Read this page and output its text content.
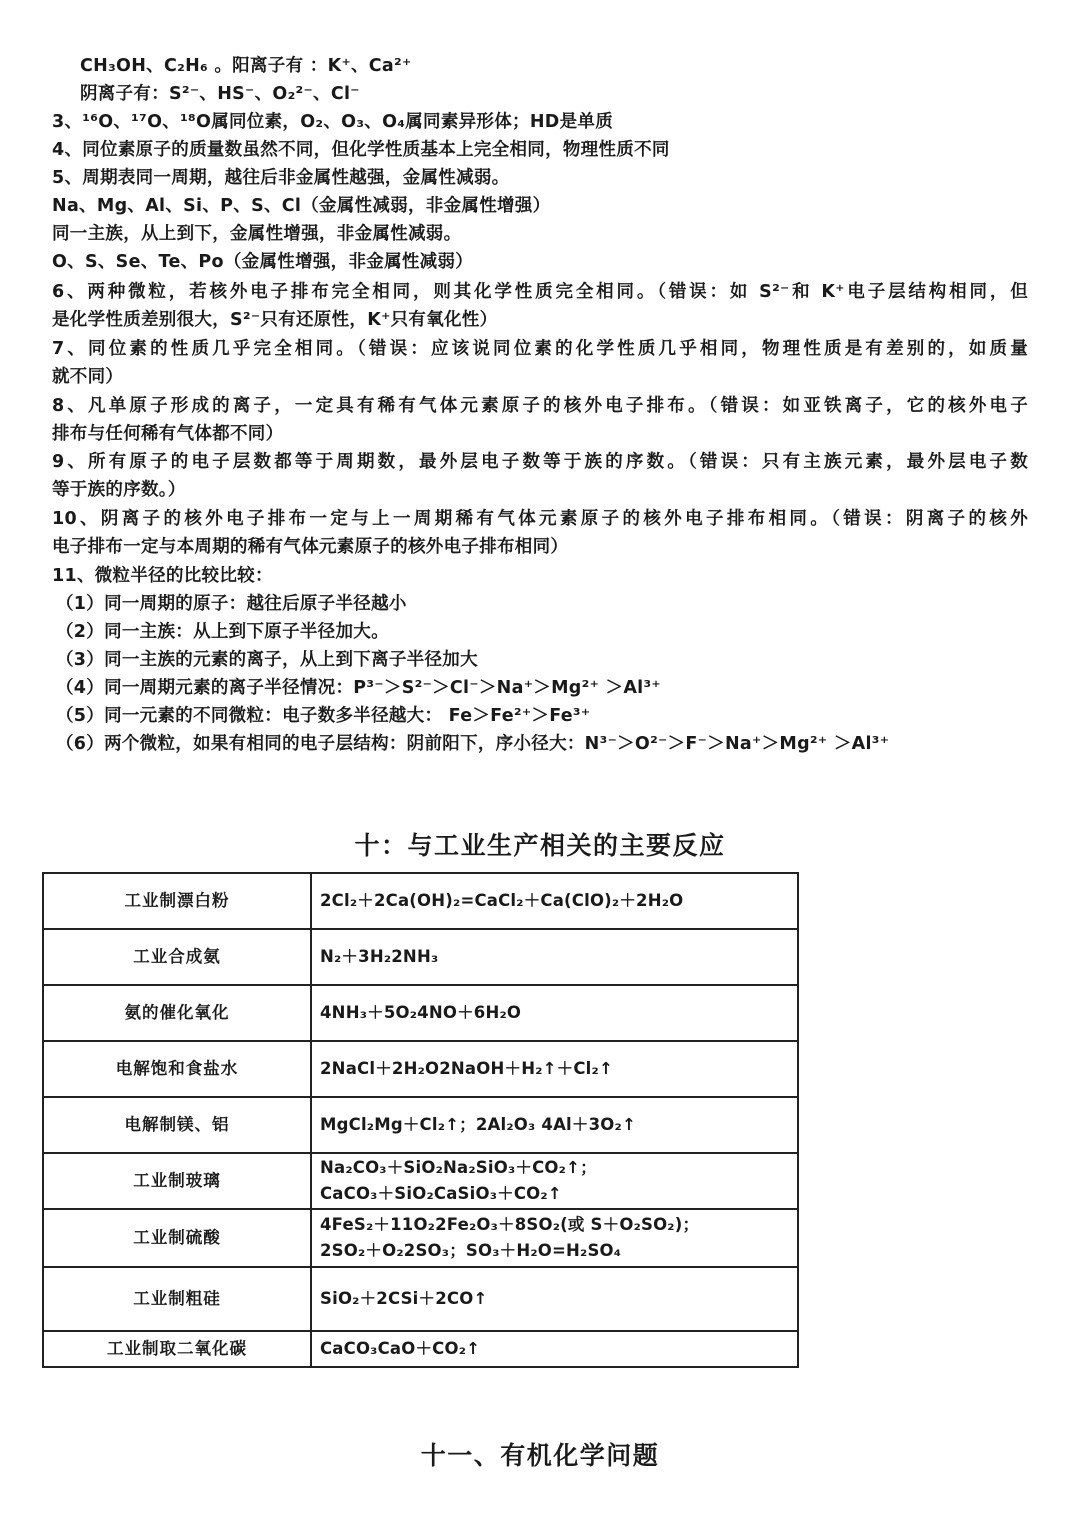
CH₃OH、C₂H₆ 。阳离子有 ：K⁺、Ca²⁺
阴离子有：S²⁻、HS⁻、O₂²⁻、Cl⁻
3、¹⁶O、¹⁷O、¹⁸O属同位素，O₂、O₃、O₄属同素异形体；HD是单质
4、同位素原子的质量数虽然不同，但化学性质基本上完全相同，物理性质不同
5、周期表同一周期，越往后非金属性越强，金属性减弱。
Na、Mg、Al、Si、P、S、Cl（金属性减弱，非金属性增强）
同一主族，从上到下，金属性增强，非金属性减弱。
O、S、Se、Te、Po（金属性增强，非金属性减弱）
6、两种微粒，若核外电子排布完全相同，则其化学性质完全相同。（错误：如 S²⁻和 K⁺电子层结构相同，但
是化学性质差别很大，S²⁻只有还原性，K⁺只有氧化性）
7、同位素的性质几乎完全相同。（错误：应该说同位素的化学性质几乎相同，物理性质是有差别的，如质量
就不同）
8、凡单原子形成的离子，一定具有稀有气体元素原子的核外电子排布。（错误：如亚铁离子，它的核外电子
排布与任何稀有气体都不同）
9、所有原子的电子层数都等于周期数，最外层电子数等于族的序数。（错误：只有主族元素，最外层电子数
等于族的序数。）
10、阴离子的核外电子排布一定与上一周期稀有气体元素原子的核外电子排布相同。（错误：阴离子的核外
电子排布一定与本周期的稀有气体元素原子的核外电子排布相同）
11、微粒半径的比较比较：
（1）同一周期的原子：越往后原子半径越小
（2）同一主族：从上到下原子半径加大。
（3）同一主族的元素的离子，从上到下离子半径加大
（4）同一周期元素的离子半径情况：P³⁻＞S²⁻＞Cl⁻＞Na⁺＞Mg²⁺ ＞Al³⁺
（5）同一元素的不同微粒：电子数多半径越大： Fe＞Fe²⁺＞Fe³⁺
（6）两个微粒，如果有相同的电子层结构：阴前阳下，序小径大：N³⁻＞O²⁻＞F⁻＞Na⁺＞Mg²⁺ ＞Al³⁺
十：与工业生产相关的主要反应
工业制漂白粉	2Cl₂＋2Ca(OH)₂=CaCl₂＋Ca(ClO)₂＋2H₂O

工业合成氨	N₂＋3H₂2NH₃

氨的催化氧化	4NH₃＋5O₂4NO＋6H₂O

电解饱和食盐水	2NaCl＋2H₂O2NaOH＋H₂↑＋Cl₂↑

电解制镁、铝	MgCl₂Mg＋Cl₂↑；2Al₂O₃ 4Al＋3O₂↑

工业制玻璃	Na₂CO₃＋SiO₂Na₂SiO₃＋CO₂↑；
CaCO₃＋SiO₂CaSiO₃＋CO₂↑

工业制硫酸	4FeS₂＋11O₂2Fe₂O₃＋8SO₂(或 S＋O₂SO₂)；
2SO₂＋O₂2SO₃；SO₃＋H₂O=H₂SO₄

工业制粗硅	SiO₂＋2CSi＋2CO↑

工业制取二氧化碳	CaCO₃CaO＋CO₂↑
十一、有机化学问题
